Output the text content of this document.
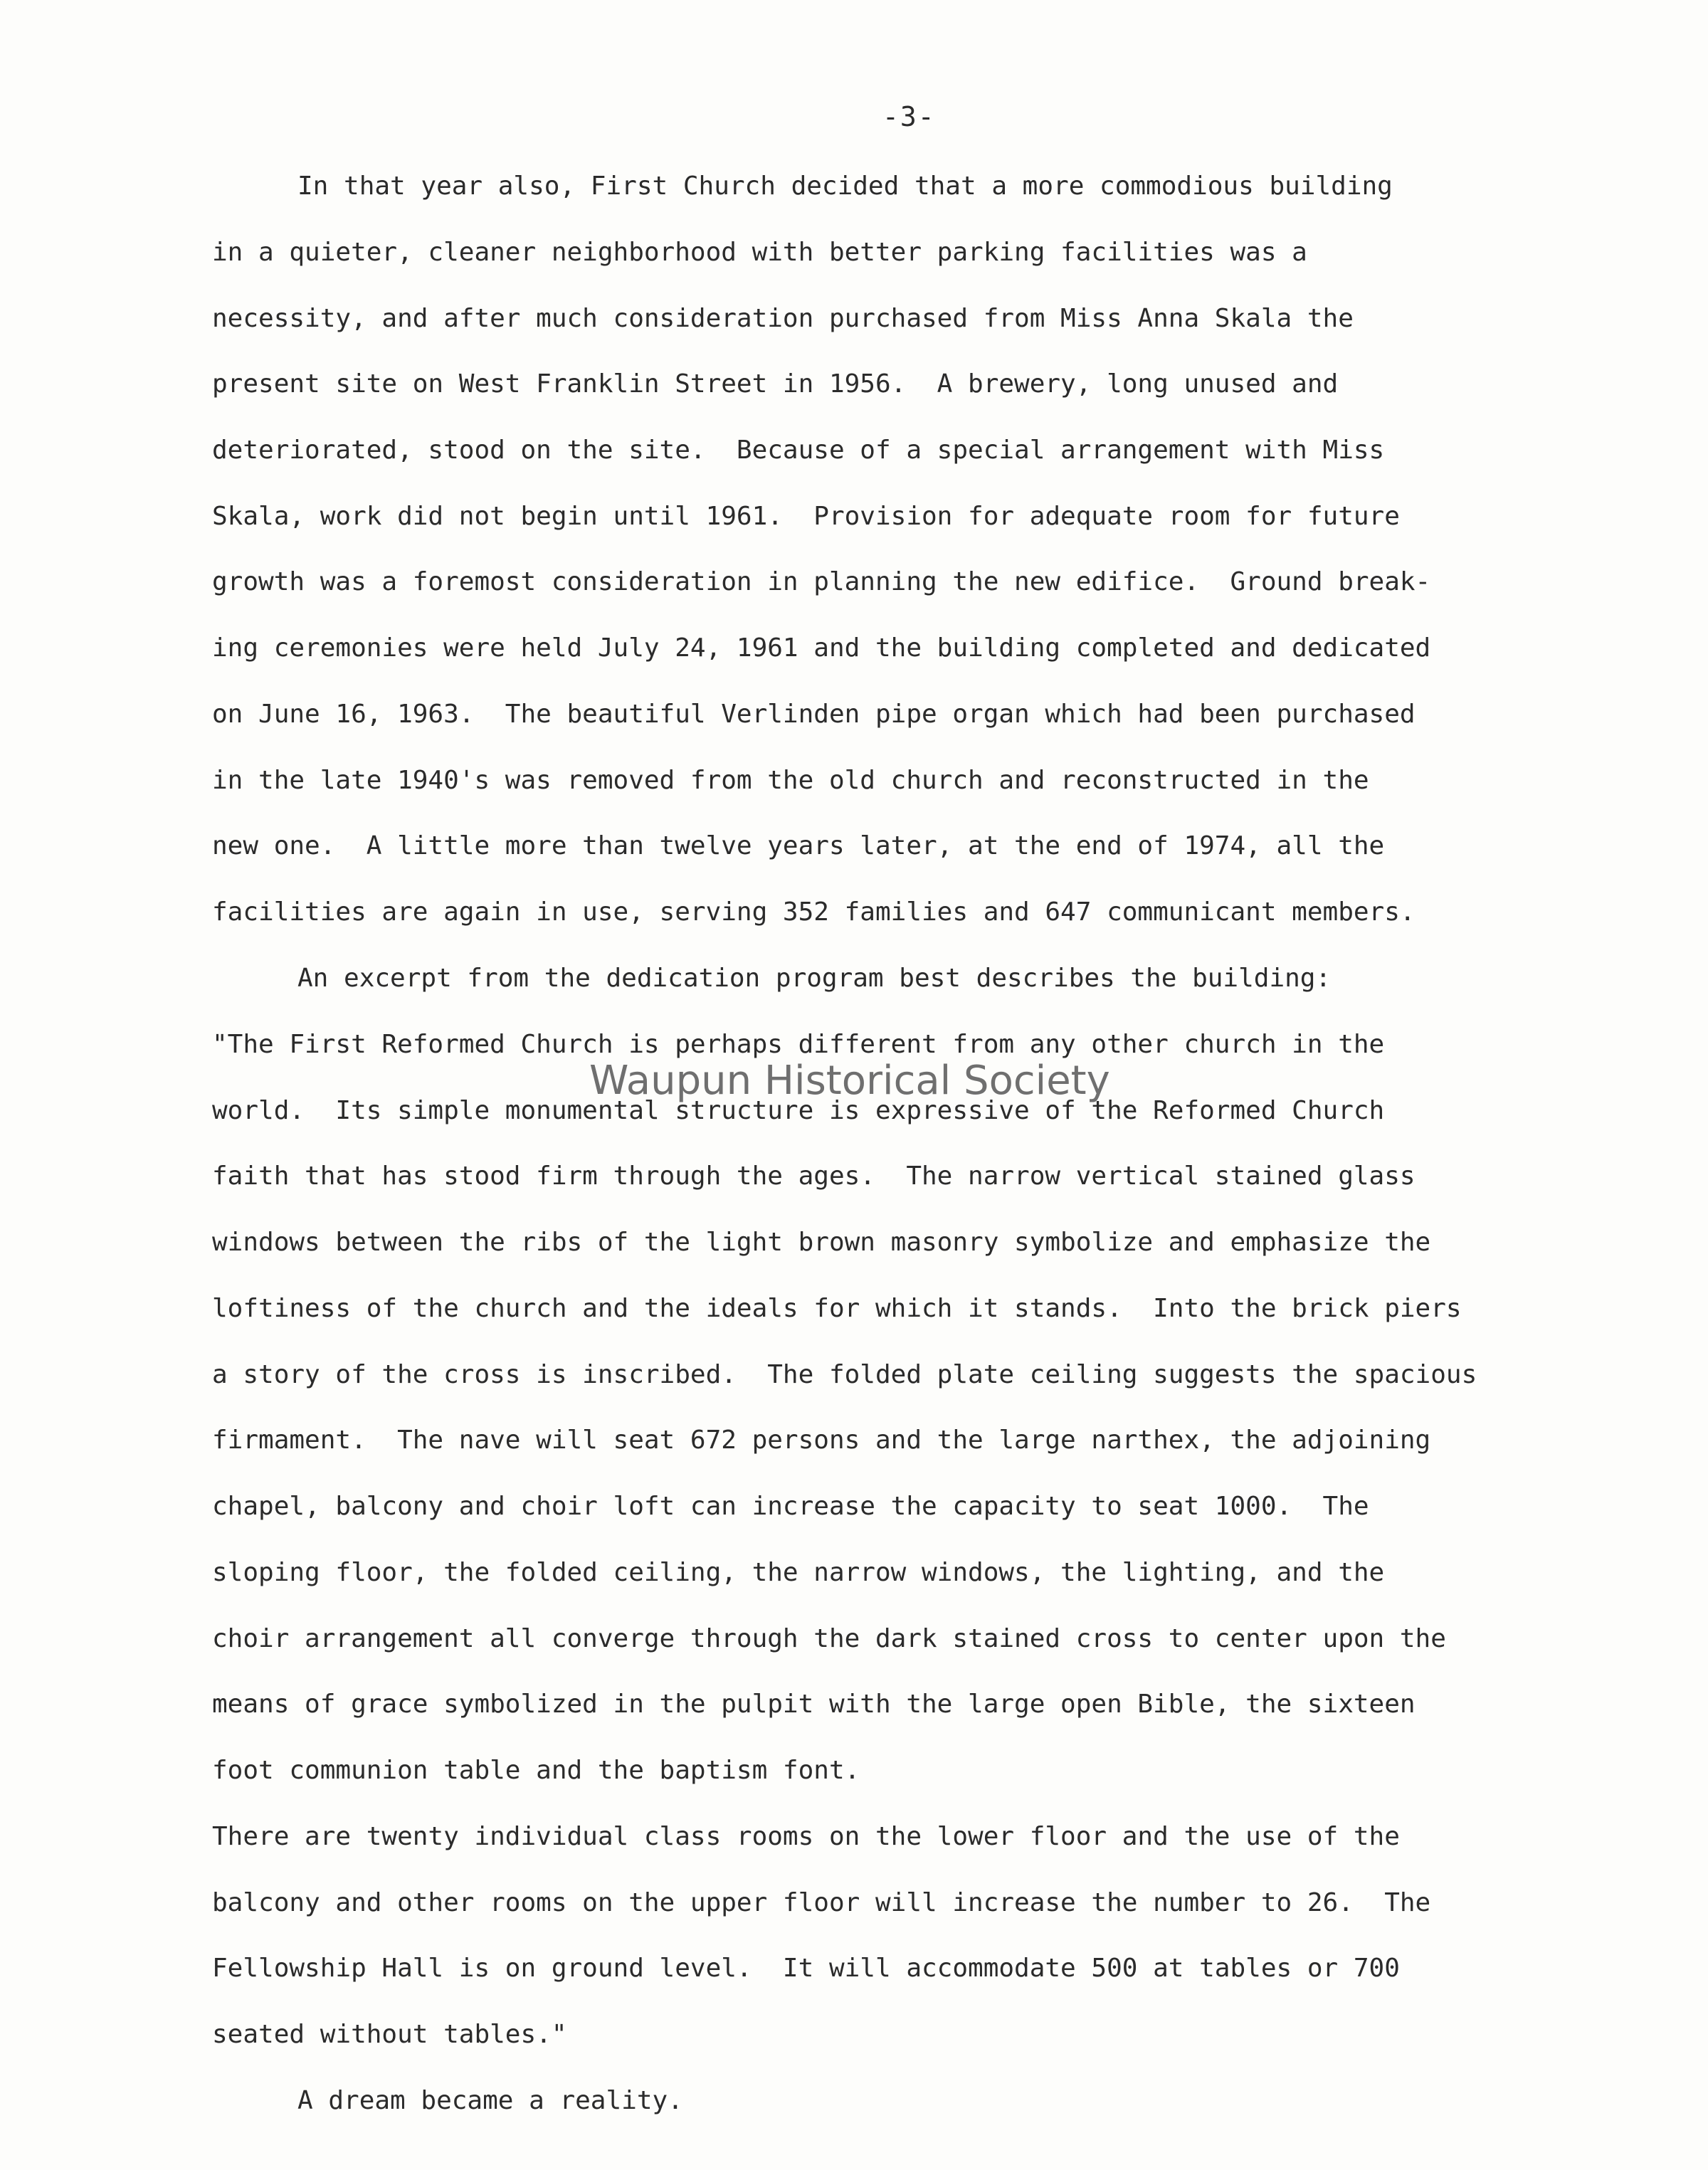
-3-
In that year also, First Church decided that a more commodious building
in a quieter, cleaner neighborhood with better parking facilities was a
necessity, and after much consideration purchased from Miss Anna Skala the
present site on West Franklin Street in 1956.  A brewery, long unused and
deteriorated, stood on the site.  Because of a special arrangement with Miss
Skala, work did not begin until 1961.  Provision for adequate room for future
growth was a foremost consideration in planning the new edifice.  Ground break-
ing ceremonies were held July 24, 1961 and the building completed and dedicated
on June 16, 1963.  The beautiful Verlinden pipe organ which had been purchased
in the late 1940's was removed from the old church and reconstructed in the
new one.  A little more than twelve years later, at the end of 1974, all the
facilities are again in use, serving 352 families and 647 communicant members.
An excerpt from the dedication program best describes the building:
"The First Reformed Church is perhaps different from any other church in the
world.  Its simple monumental structure is expressive of the Reformed Church
faith that has stood firm through the ages.  The narrow vertical stained glass
windows between the ribs of the light brown masonry symbolize and emphasize the
loftiness of the church and the ideals for which it stands.  Into the brick piers
a story of the cross is inscribed.  The folded plate ceiling suggests the spacious
firmament.  The nave will seat 672 persons and the large narthex, the adjoining
chapel, balcony and choir loft can increase the capacity to seat 1000.  The
sloping floor, the folded ceiling, the narrow windows, the lighting, and the
choir arrangement all converge through the dark stained cross to center upon the
means of grace symbolized in the pulpit with the large open Bible, the sixteen
foot communion table and the baptism font.
There are twenty individual class rooms on the lower floor and the use of the
balcony and other rooms on the upper floor will increase the number to 26.  The
Fellowship Hall is on ground level.  It will accommodate 500 at tables or 700
seated without tables."
A dream became a reality.
Waupun Historical Society
